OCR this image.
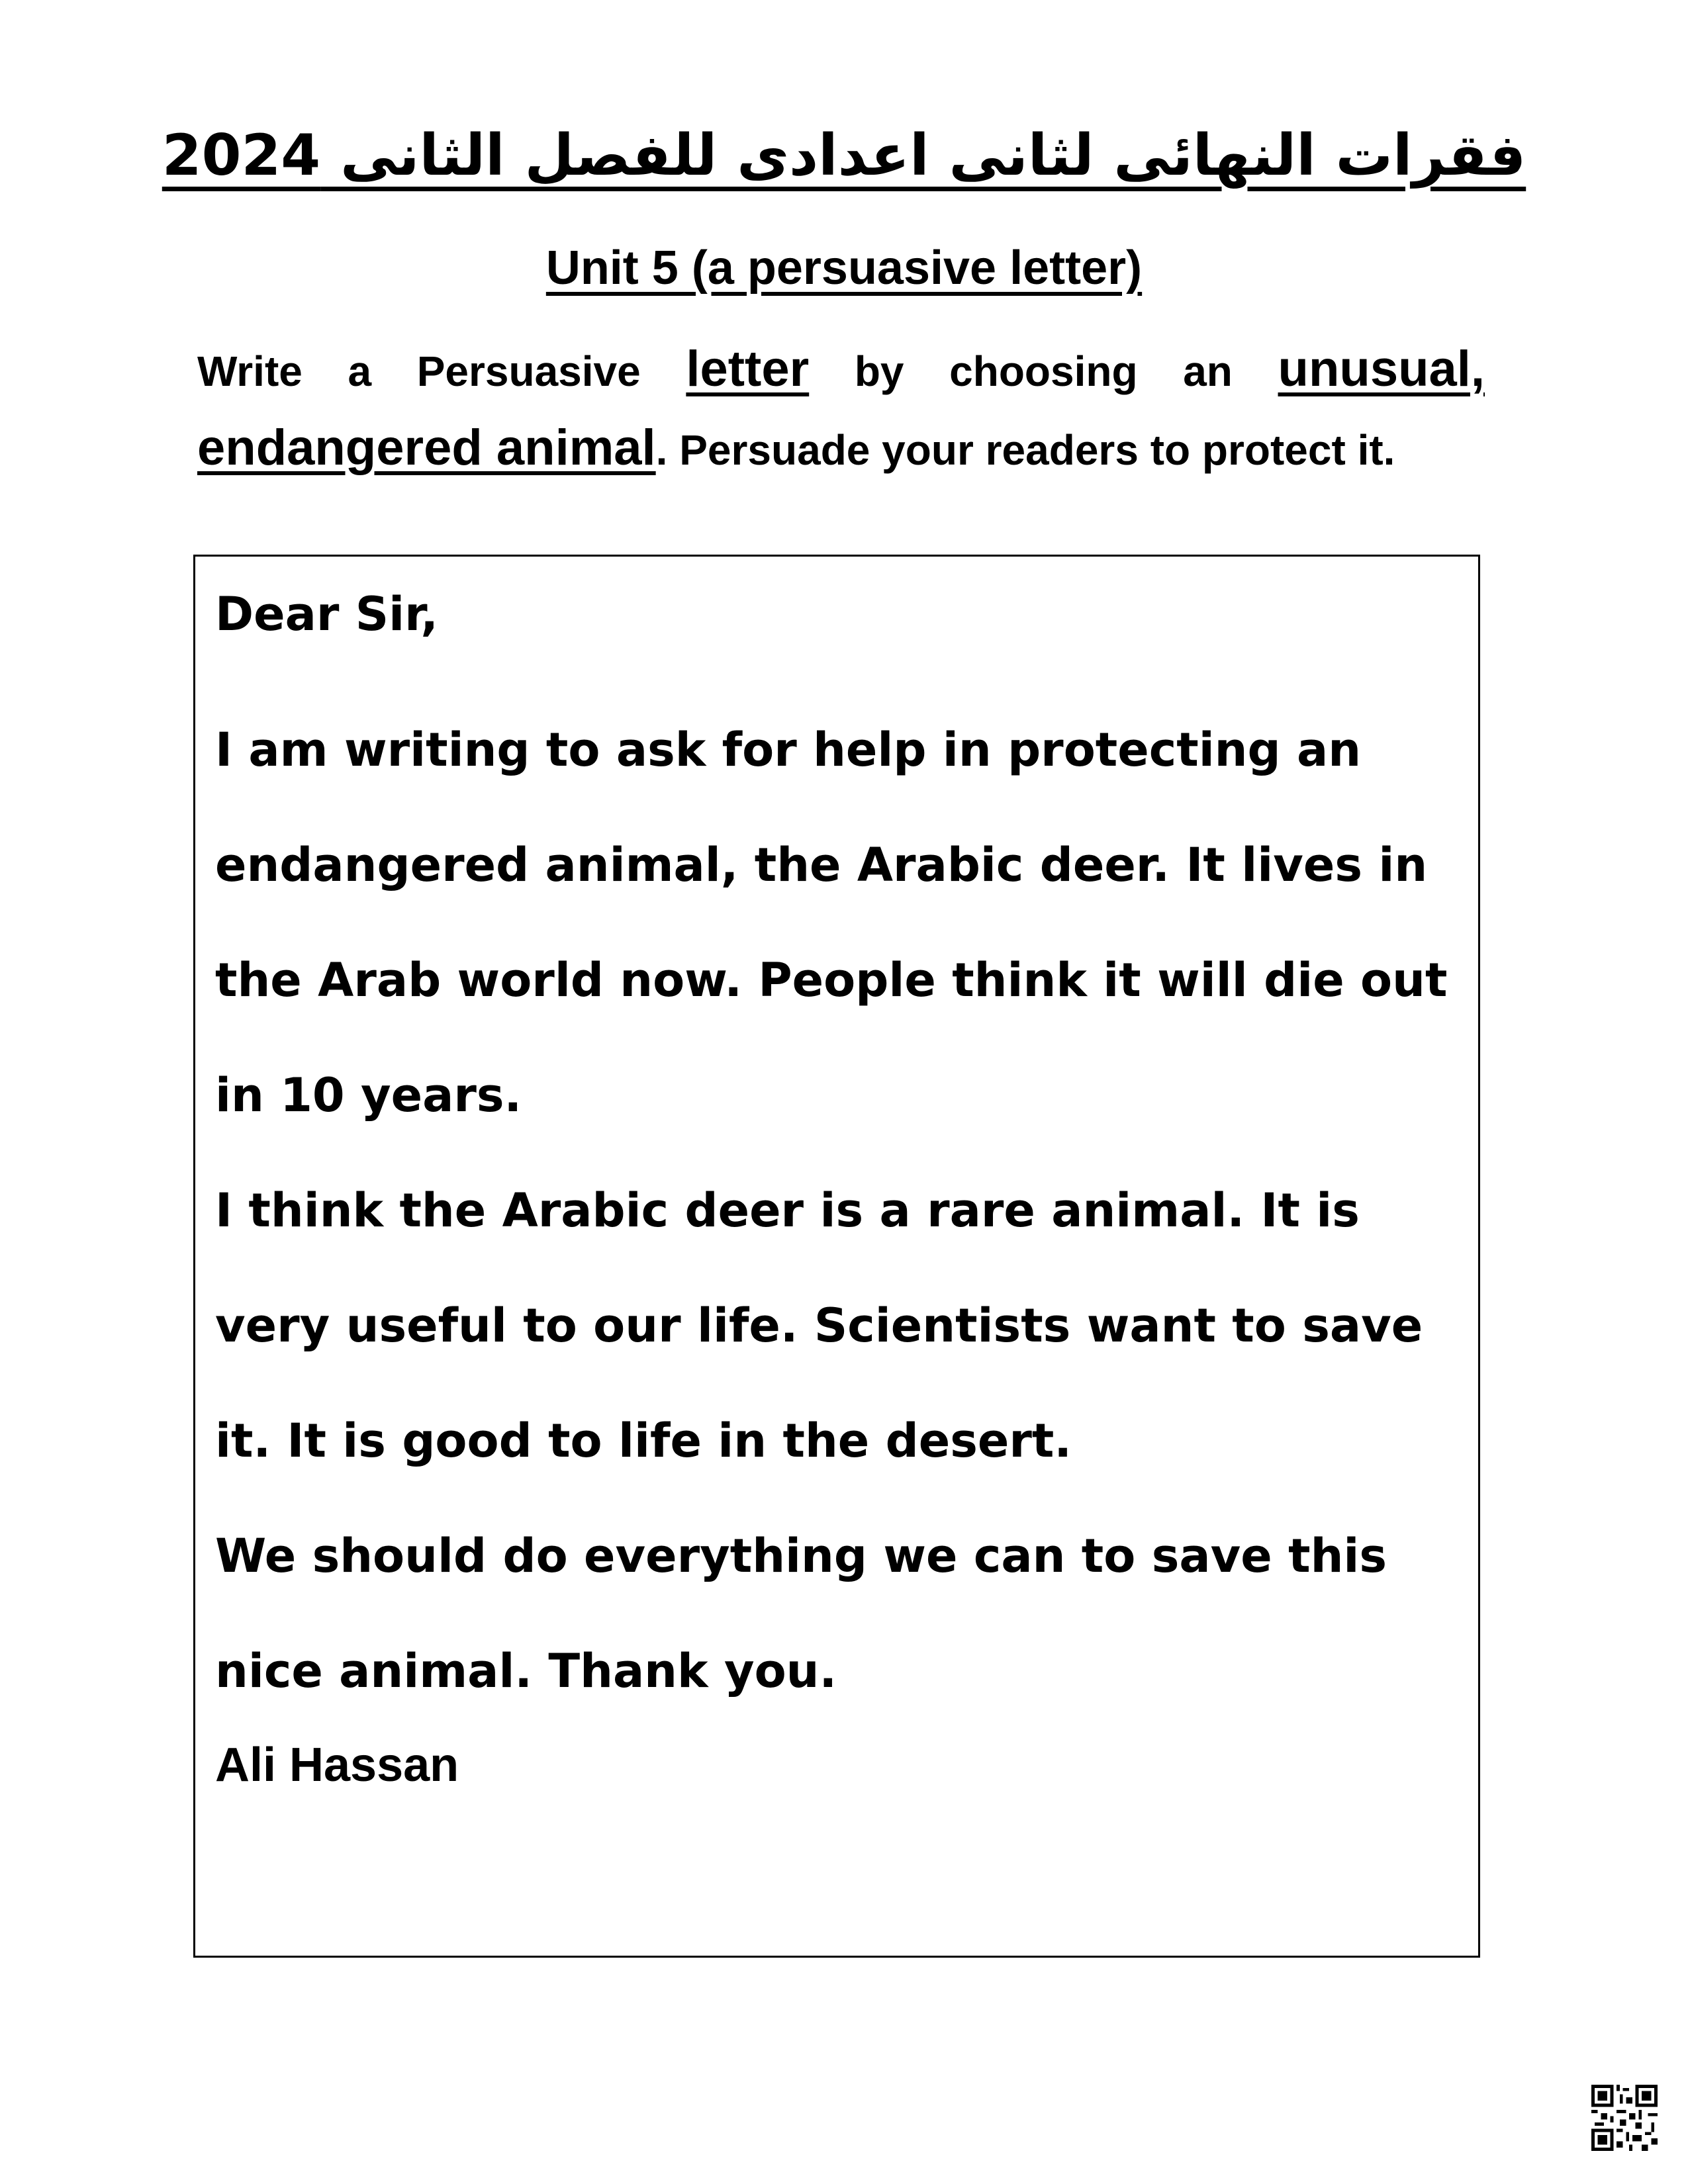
فقرات النهائى لثانى اعدادى للفصل الثانى 2024
Unit 5 (a persuasive letter)

Write a Persuasive letter by choosing an unusual, endangered animal. Persuade your readers to protect it.

Dear Sir,

I am writing to ask for help in protecting an endangered animal, the Arabic deer. It lives in the Arab world now. People think it will die out in 10 years.

I think the Arabic deer is a rare animal. It is very useful to our life. Scientists want to save it. It is good to life in the desert.

We should do everything we can to save this nice animal. Thank you.

Ali Hassan
